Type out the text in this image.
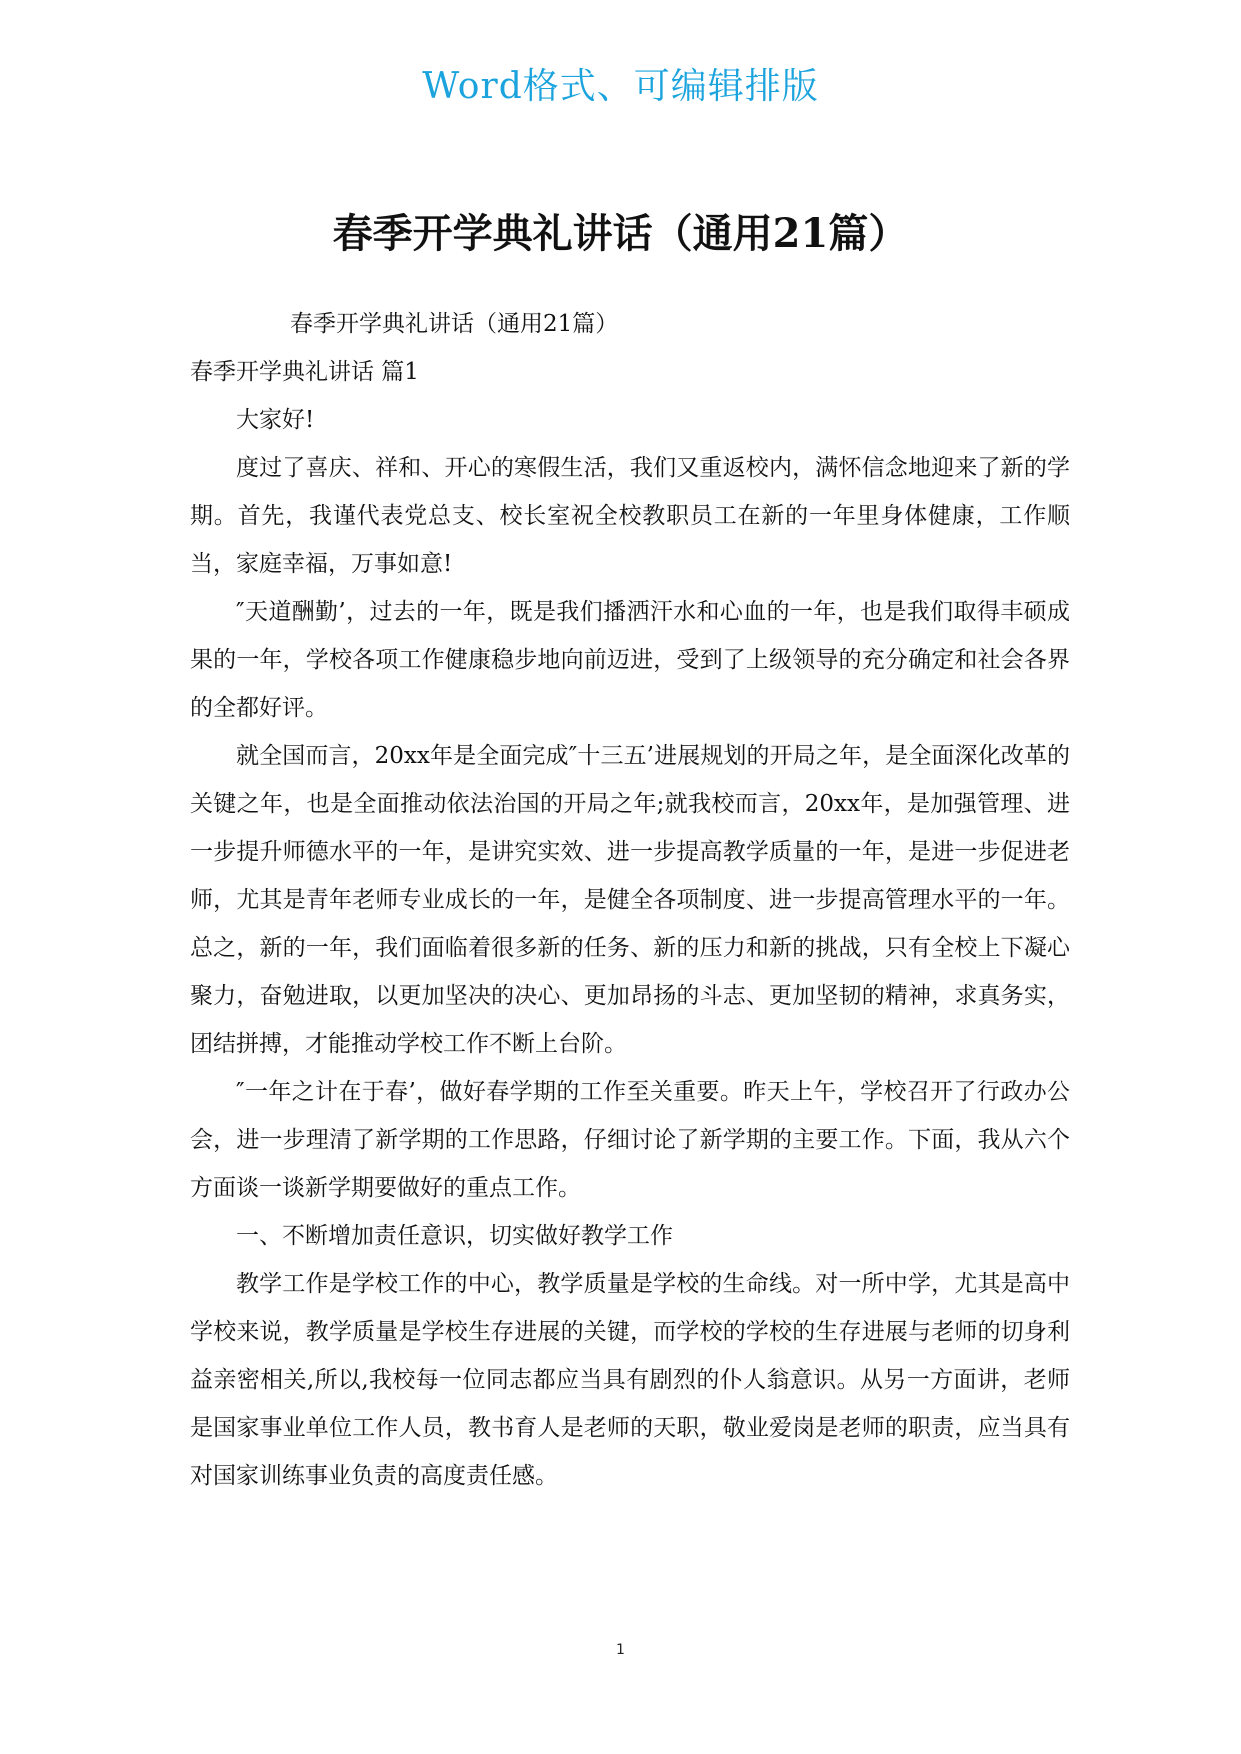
Word格式、可编辑排版
春季开学典礼讲话（通用21篇）

春季开学典礼讲话（通用21篇）

春季开学典礼讲话 篇1

大家好!

度过了喜庆、祥和、开心的寒假生活，我们又重返校内，满怀信念地迎来了新的学期。首先，我谨代表党总支、校长室祝全校教职员工在新的一年里身体健康，工作顺当，家庭幸福，万事如意!

″天道酬勤’，过去的一年，既是我们播洒汗水和心血的一年，也是我们取得丰硕成果的一年，学校各项工作健康稳步地向前迈进，受到了上级领导的充分确定和社会各界的全都好评。

就全国而言，20xx年是全面完成″十三五’进展规划的开局之年，是全面深化改革的关键之年，也是全面推动依法治国的开局之年;就我校而言，20xx年，是加强管理、进一步提升师德水平的一年，是讲究实效、进一步提高教学质量的一年，是进一步促进老师，尤其是青年老师专业成长的一年，是健全各项制度、进一步提高管理水平的一年。总之，新的一年，我们面临着很多新的任务、新的压力和新的挑战，只有全校上下凝心聚力，奋勉进取，以更加坚决的决心、更加昂扬的斗志、更加坚韧的精神，求真务实，团结拼搏，才能推动学校工作不断上台阶。

″一年之计在于春’，做好春学期的工作至关重要。昨天上午，学校召开了行政办公会，进一步理清了新学期的工作思路，仔细讨论了新学期的主要工作。下面，我从六个方面谈一谈新学期要做好的重点工作。

一、不断增加责任意识，切实做好教学工作

教学工作是学校工作的中心，教学质量是学校的生命线。对一所中学，尤其是高中学校来说，教学质量是学校生存进展的关键，而学校的学校的生存进展与老师的切身利益亲密相关,所以,我校每一位同志都应当具有剧烈的仆人翁意识。从另一方面讲，老师是国家事业单位工作人员，教书育人是老师的天职，敬业爱岗是老师的职责，应当具有对国家训练事业负责的高度责任感。

1
